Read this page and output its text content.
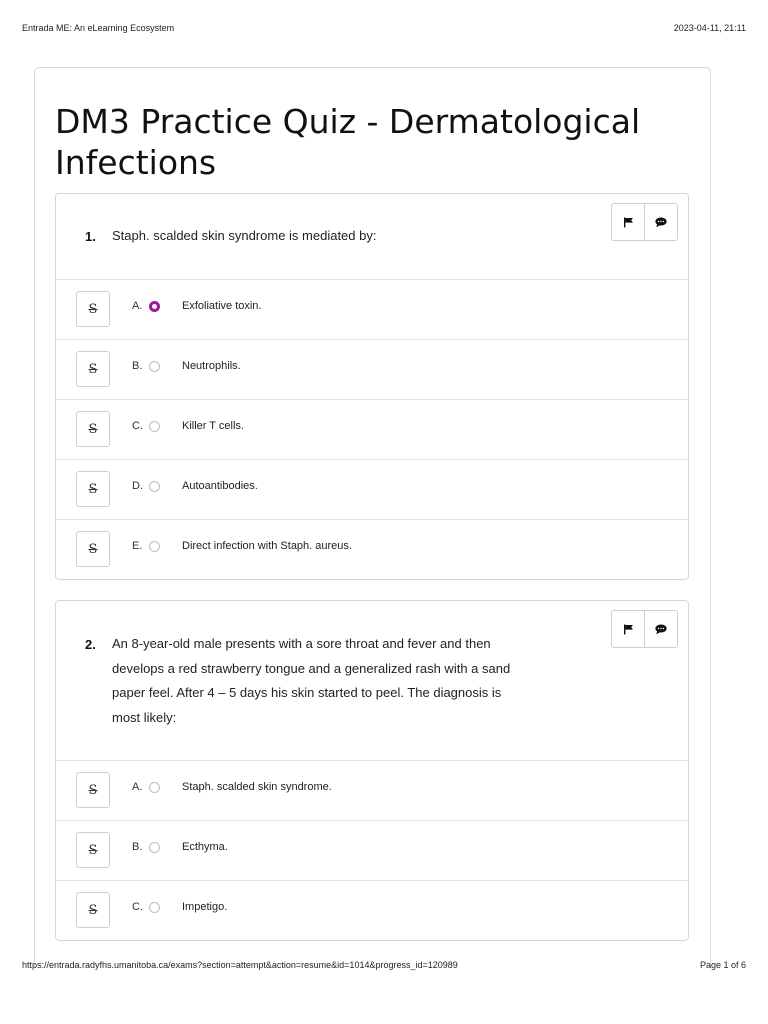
Entrada ME: An eLearning Ecosystem	2023-04-11, 21:11
DM3 Practice Quiz - Dermatological Infections
1. Staph. scalded skin syndrome is mediated by:
S	A.	Exfoliative toxin.
S	B.	Neutrophils.
S	C.	Killer T cells.
S	D.	Autoantibodies.
S	E.	Direct infection with Staph. aureus.
2. An 8-year-old male presents with a sore throat and fever and then develops a red strawberry tongue and a generalized rash with a sand paper feel. After 4 – 5 days his skin started to peel. The diagnosis is most likely:
S	A.	Staph. scalded skin syndrome.
S	B.	Ecthyma.
S	C.	Impetigo.
https://entrada.radyfhs.umanitoba.ca/exams?section=attempt&action=resume&id=1014&progress_id=120989	Page 1 of 6
